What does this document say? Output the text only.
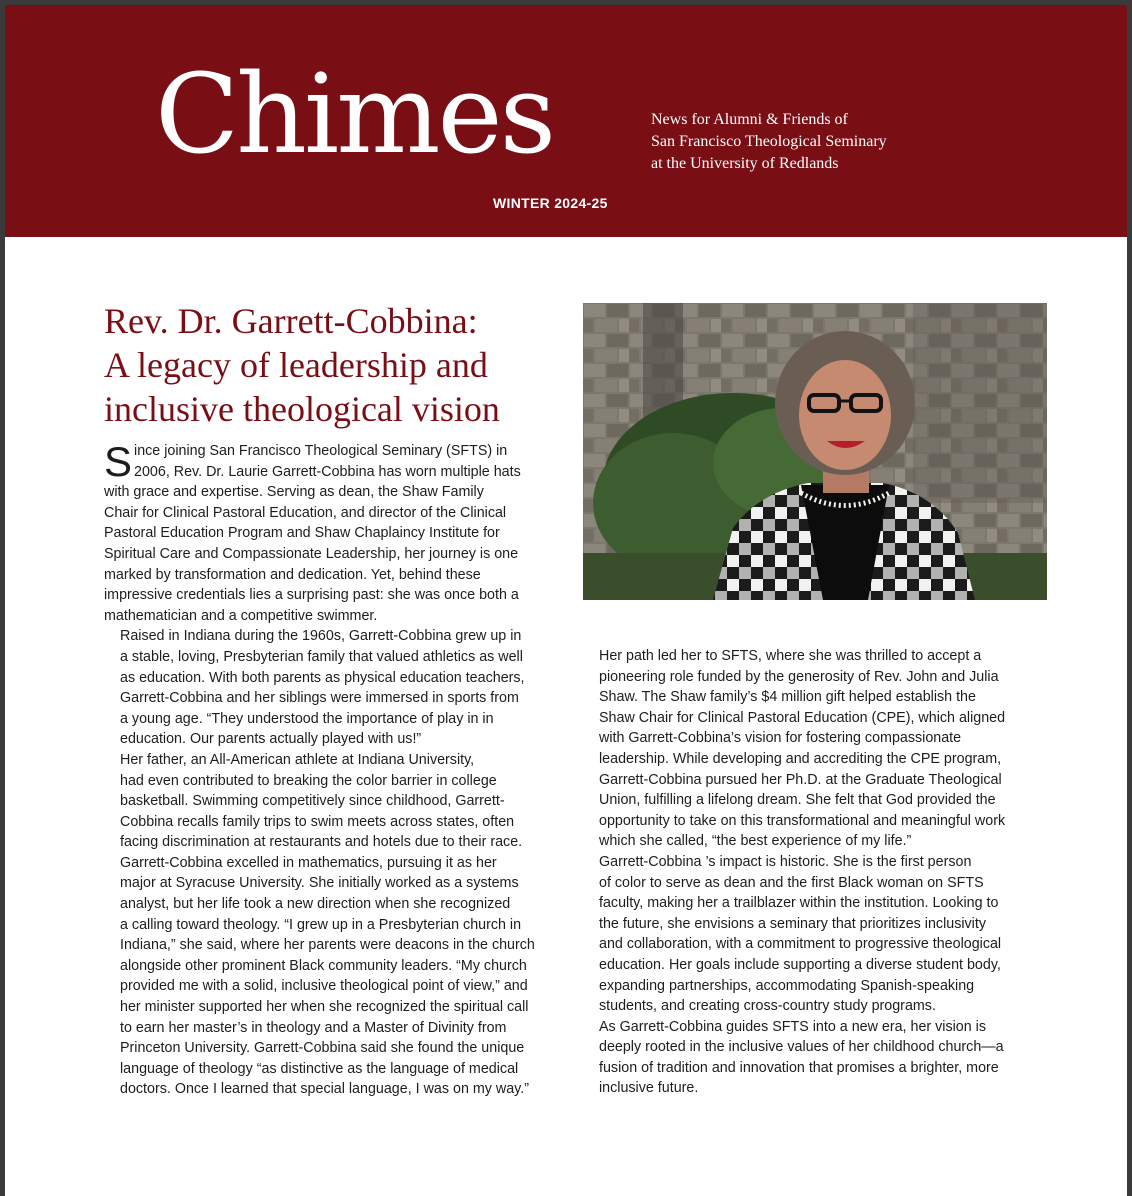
Chimes
WINTER 2024-25
News for Alumni & Friends of
San Francisco Theological Seminary
at the University of Redlands
Rev. Dr. Garrett-Cobbina:
A legacy of leadership and
inclusive theological vision

S ince joining San Francisco Theological Seminary (SFTS) in
2006, Rev. Dr. Laurie Garrett-Cobbina has worn multiple hats
with grace and expertise. Serving as dean, the Shaw Family
Chair for Clinical Pastoral Education, and director of the Clinical
Pastoral Education Program and Shaw Chaplaincy Institute for
Spiritual Care and Compassionate Leadership, her journey is one
marked by transformation and dedication. Yet, behind these
impressive credentials lies a surprising past: she was once both a
mathematician and a competitive swimmer.

Raised in Indiana during the 1960s, Garrett-Cobbina grew up in
a stable, loving, Presbyterian family that valued athletics as well
as education. With both parents as physical education teachers,
Garrett-Cobbina and her siblings were immersed in sports from
a young age. “They understood the importance of play in in
education. Our parents actually played with us!”

Her father, an All-American athlete at Indiana University,
had even contributed to breaking the color barrier in college
basketball. Swimming competitively since childhood, Garrett-
Cobbina recalls family trips to swim meets across states, often
facing discrimination at restaurants and hotels due to their race.

Garrett-Cobbina excelled in mathematics, pursuing it as her
major at Syracuse University. She initially worked as a systems
analyst, but her life took a new direction when she recognized
a calling toward theology. “I grew up in a Presbyterian church in
Indiana,” she said, where her parents were deacons in the church
alongside other prominent Black community leaders. “My church
provided me with a solid, inclusive theological point of view,” and
her minister supported her when she recognized the spiritual call
to earn her master’s in theology and a Master of Divinity from
Princeton University. Garrett-Cobbina said she found the unique
language of theology “as distinctive as the language of medical
doctors. Once I learned that special language, I was on my way.”

Her path led her to SFTS, where she was thrilled to accept a
pioneering role funded by the generosity of Rev. John and Julia
Shaw. The Shaw family’s $4 million gift helped establish the
Shaw Chair for Clinical Pastoral Education (CPE), which aligned
with Garrett-Cobbina’s vision for fostering compassionate
leadership. While developing and accrediting the CPE program,
Garrett-Cobbina pursued her Ph.D. at the Graduate Theological
Union, fulfilling a lifelong dream. She felt that God provided the
opportunity to take on this transformational and meaningful work
which she called, “the best experience of my life.”

Garrett-Cobbina ’s impact is historic. She is the first person
of color to serve as dean and the first Black woman on SFTS
faculty, making her a trailblazer within the institution. Looking to
the future, she envisions a seminary that prioritizes inclusivity
and collaboration, with a commitment to progressive theological
education. Her goals include supporting a diverse student body,
expanding partnerships, accommodating Spanish-speaking
students, and creating cross-country study programs.

As Garrett-Cobbina guides SFTS into a new era, her vision is
deeply rooted in the inclusive values of her childhood church—a
fusion of tradition and innovation that promises a brighter, more
inclusive future.
